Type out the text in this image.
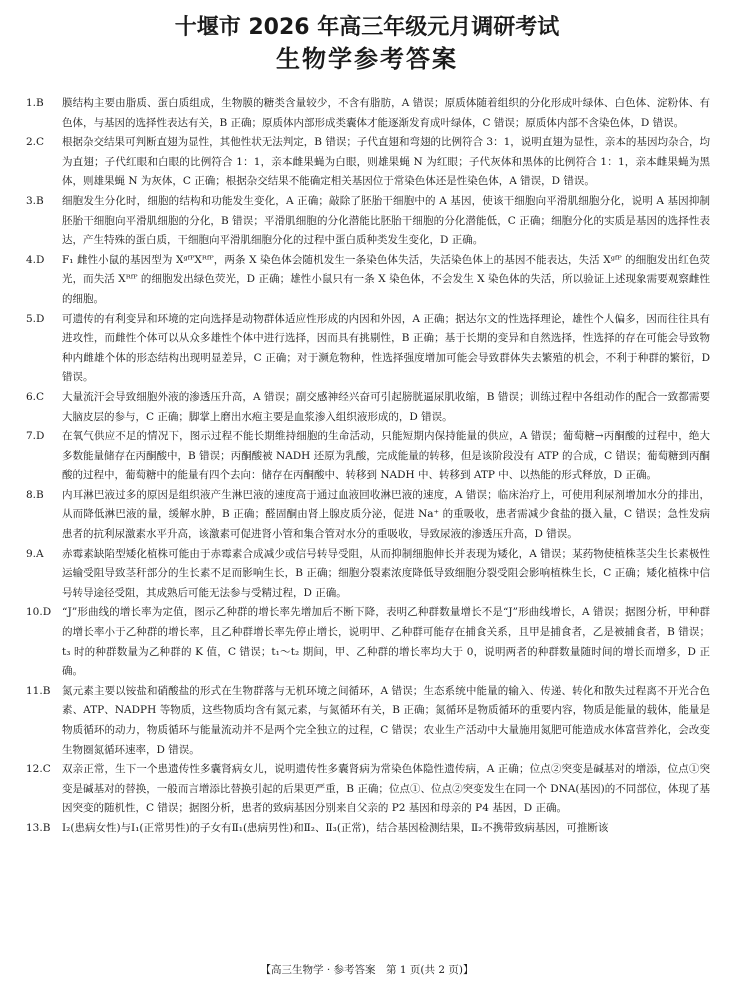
十堰市 2026 年高三年级元月调研考试
生物学参考答案
1.B 膜结构主要由脂质、蛋白质组成，生物膜的糖类含量较少，不含有脂肪，A 错误；原质体随着组织的分化形成叶绿体、白色体、淀粉体、有色体，与基因的选择性表达有关，B 正确；原质体内部形成类囊体才能逐渐发育成叶绿体，C 错误；原质体内部不含染色体，D 错误。
2.C 根据杂交结果可判断直翅为显性，其他性状无法判定，B 错误；子代直翅和弯翅的比例符合 3：1，说明直翅为显性，亲本的基因均杂合，均为直翅；子代红眼和白眼的比例符合 1：1，亲本雌果蝇为白眼，则雄果蝇 N 为红眼；子代灰体和黑体的比例符合 1：1，亲本雌果蝇为黑体，则雄果蝇 N 为灰体，C 正确；根据杂交结果不能确定相关基因位于常染色体还是性染色体，A 错误，D 错误。
3.B 细胞发生分化时，细胞的结构和功能发生变化，A 正确；敲除了胚胎干细胞中的 A 基因，使该干细胞向平滑肌细胞分化，说明 A 基因抑制胚胎干细胞向平滑肌细胞的分化，B 错误；平滑肌细胞的分化潜能比胚胎干细胞的分化潜能低，C 正确；细胞分化的实质是基因的选择性表达，产生特殊的蛋白质，干细胞向平滑肌细胞分化的过程中蛋白质种类发生变化，D 正确。
4.D F₁ 雌性小鼠的基因型为 XᵍᶠᴾXᴿᶠᴾ，两条 X 染色体会随机发生一条染色体失活，失活染色体上的基因不能表达，失活 Xᵍᶠᴾ 的细胞发出红色荧光，而失活 Xᴿᶠᴾ 的细胞发出绿色荧光，D 正确；雄性小鼠只有一条 X 染色体，不会发生 X 染色体的失活，所以验证上述现象需要观察雌性的细胞。
5.D 可遗传的有利变异和环境的定向选择是动物群体适应性形成的内因和外因，A 正确；据达尔文的性选择理论，雄性个人偏多，因而往往具有进攻性，而雌性个体可以从众多雄性个体中进行选择，因而具有挑剔性，B 正确；基于长期的变异和自然选择，性选择的存在可能会导致物种内雌雄个体的形态结构出现明显差异，C 正确；对于濒危物种，性选择强度增加可能会导致群体失去繁殖的机会，不利于种群的繁衍，D 错误。
6.C 大量流汗会导致细胞外液的渗透压升高，A 错误；副交感神经兴奋可引起膀胱逼尿肌收缩，B 错误；训练过程中各组动作的配合一致都需要大脑皮层的参与，C 正确；脚掌上磨出水疱主要是血浆渗入组织液形成的，D 错误。
7.D 在氧气供应不足的情况下，图示过程不能长期维持细胞的生命活动，只能短期内保持能量的供应，A 错误；葡萄糖→丙酮酸的过程中，绝大多数能量储存在丙酮酸中，B 错误；丙酮酸被 NADH 还原为乳酸，完成能量的转移，但是该阶段没有 ATP 的合成，C 错误；葡萄糖到丙酮酸的过程中，葡萄糖中的能量有四个去向：储存在丙酮酸中、转移到 NADH 中、转移到 ATP 中、以热能的形式释放，D 正确。
8.B 内耳淋巴液过多的原因是组织液产生淋巴液的速度高于通过血液回收淋巴液的速度，A 错误；临床治疗上，可使用利尿剂增加水分的排出，从而降低淋巴液的量，缓解水肿，B 正确；醛固酮由肾上腺皮质分泌，促进 Na⁺ 的重吸收，患者需减少食盐的摄入量，C 错误；急性发病患者的抗利尿激素水平升高，该激素可促进肾小管和集合管对水分的重吸收，导致尿液的渗透压升高，D 错误。
9.A 赤霉素缺陷型矮化植株可能由于赤霉素合成减少或信号转导受阻，从而抑制细胞伸长并表现为矮化，A 错误；某药物使植株茎尖生长素极性运输受阻导致茎秆部分的生长素不足而影响生长，B 正确；细胞分裂素浓度降低导致细胞分裂受阻会影响植株生长，C 正确；矮化植株中信号转导途径受阻，其成熟后可能无法参与受精过程，D 正确。
10.D “J”形曲线的增长率为定值，图示乙种群的增长率先增加后不断下降，表明乙种群数量增长不是“J”形曲线增长，A 错误；据图分析，甲种群的增长率小于乙种群的增长率，且乙种群增长率先停止增长，说明甲、乙种群可能存在捕食关系，且甲是捕食者，乙是被捕食者，B 错误；t₃ 时的种群数量为乙种群的 K 值，C 错误；t₁～t₂ 期间，甲、乙种群的增长率均大于 0，说明两者的种群数量随时间的增长而增多，D 正确。
11.B 氮元素主要以铵盐和硝酸盐的形式在生物群落与无机环境之间循环，A 错误；生态系统中能量的输入、传递、转化和散失过程离不开光合色素、ATP、NADPH 等物质，这些物质均含有氮元素，与氮循环有关，B 正确；氮循环是物质循环的重要内容，物质是能量的载体，能量是物质循环的动力，物质循环与能量流动并不是两个完全独立的过程，C 错误；农业生产活动中大量施用氮肥可能造成水体富营养化，会改变生物圈氮循环速率，D 错误。
12.C 双亲正常，生下一个患遗传性多囊肾病女儿，说明遗传性多囊肾病为常染色体隐性遗传病，A 正确；位点②突变是碱基对的增添，位点①突变是碱基对的替换，一般而言增添比替换引起的后果更严重，B 正确；位点①、位点②突变发生在同一个 DNA(基因)的不同部位，体现了基因突变的随机性，C 错误；据图分析，患者的致病基因分别来自父亲的 P2 基因和母亲的 P4 基因，D 正确。
13.B Ⅰ₂(患病女性)与Ⅰ₁(正常男性)的子女有Ⅱ₁(患病男性)和Ⅱ₂、Ⅱ₃(正常)，结合基因检测结果，Ⅱ₂不携带致病基因，可推断该
【高三生物学 · 参考答案　第 1 页(共 2 页)】
